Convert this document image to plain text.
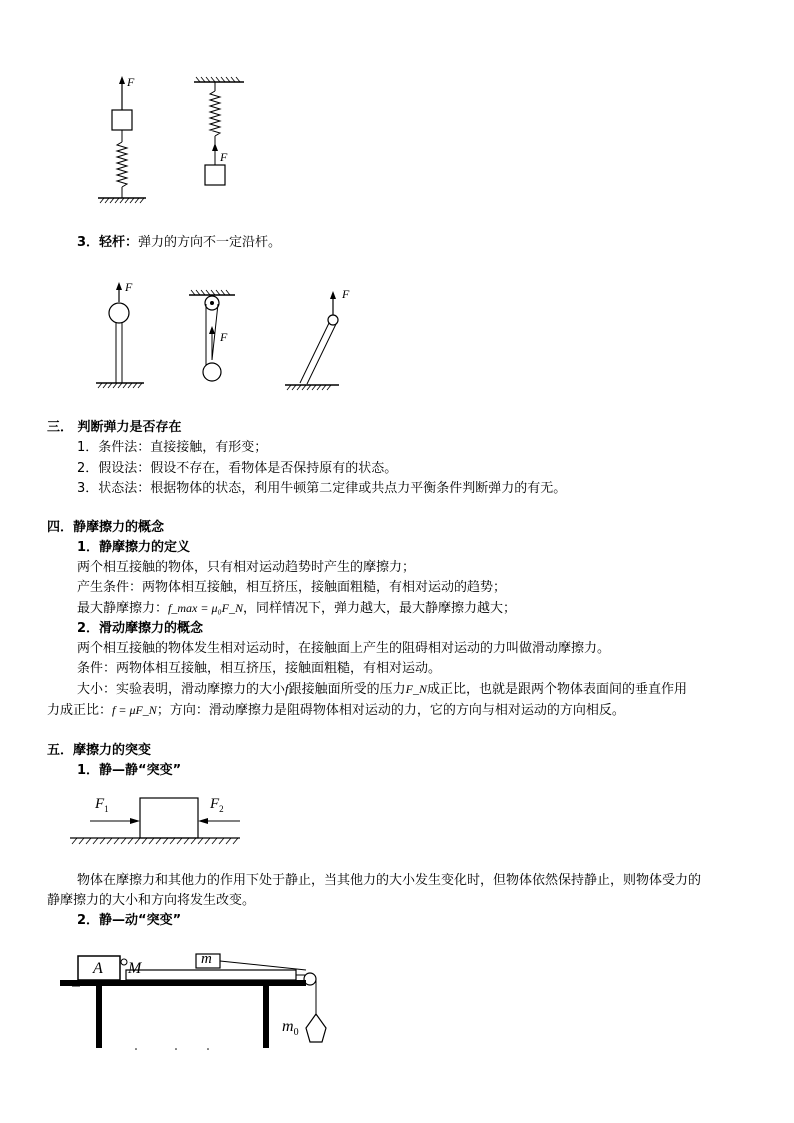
F
F
3．轻杆：弹力的方向不一定沿杆。
F
F
F
三． 判断弹力是否存在
1．条件法：直接接触，有形变；
2．假设法：假设不存在，看物体是否保持原有的状态。
3．状态法：根据物体的状态，利用牛顿第二定律或共点力平衡条件判断弹力的有无。
四．静摩擦力的概念
1．静摩擦力的定义
两个相互接触的物体，只有相对运动趋势时产生的摩擦力；
产生条件：两物体相互接触，相互挤压，接触面粗糙，有相对运动的趋势；
最大静摩擦力：f_max = μ₀F_N，同样情况下，弹力越大，最大静摩擦力越大；
2．滑动摩擦力的概念
两个相互接触的物体发生相对运动时，在接触面上产生的阻碍相对运动的力叫做滑动摩擦力。
条件：两物体相互接触，相互挤压，接触面粗糙，有相对运动。
大小：实验表明，滑动摩擦力的大小f跟接触面所受的压力F_N成正比，也就是跟两个物体表面间的垂直作用
力成正比：f = μF_N；方向：滑动摩擦力是阻碍物体相对运动的力，它的方向与相对运动的方向相反。
五．摩擦力的突变
1．静—静“突变”
$F_1$	$F_2$
物体在摩擦力和其他力的作用下处于静止，当其他力的大小发生变化时，但物体依然保持静止，则物体受力的
静摩擦力的大小和方向将发生改变。
2．静—动“突变”
A M
m
$m_0$
